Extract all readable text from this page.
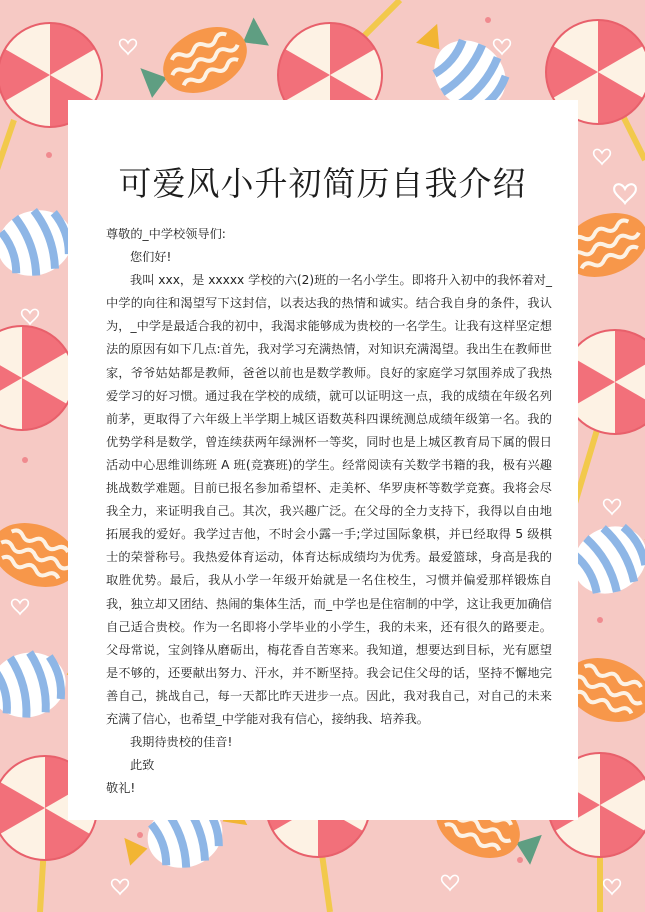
可爱风小升初简历自我介绍

尊敬的_中学校领导们:

您们好!

我叫 xxx，是 xxxxx 学校的六(2)班的一名小学生。即将升入初中的我怀着对_中学的向往和渴望写下这封信，以表达我的热情和诚实。结合我自身的条件，我认为，_中学是最适合我的初中，我渴求能够成为贵校的一名学生。让我有这样坚定想法的原因有如下几点:首先，我对学习充满热情，对知识充满渴望。我出生在教师世家，爷爷姑姑都是教师，爸爸以前也是数学教师。良好的家庭学习氛围养成了我热爱学习的好习惯。通过我在学校的成绩，就可以证明这一点，我的成绩在年级名列前茅，更取得了六年级上半学期上城区语数英科四课统测总成绩年级第一名。我的优势学科是数学，曾连续获两年绿洲杯一等奖，同时也是上城区教育局下属的假日活动中心思维训练班 A 班(竞赛班)的学生。经常阅读有关数学书籍的我，极有兴趣挑战数学难题。目前已报名参加希望杯、走美杯、华罗庚杯等数学竞赛。我将会尽我全力，来证明我自己。其次，我兴趣广泛。在父母的全力支持下，我得以自由地拓展我的爱好。我学过吉他，不时会小露一手;学过国际象棋，并已经取得 5 级棋士的荣誉称号。我热爱体育运动，体育达标成绩均为优秀。最爱篮球，身高是我的取胜优势。最后，我从小学一年级开始就是一名住校生，习惯并偏爱那样锻炼自我，独立却又团结、热闹的集体生活，而_中学也是住宿制的中学，这让我更加确信自己适合贵校。作为一名即将小学毕业的小学生，我的未来，还有很久的路要走。父母常说，宝剑锋从磨砺出，梅花香自苦寒来。我知道，想要达到目标，光有愿望是不够的，还要献出努力、汗水，并不断坚持。我会记住父母的话，坚持不懈地完善自己，挑战自己，每一天都比昨天进步一点。因此，我对我自己，对自己的未来充满了信心，也希望_中学能对我有信心，接纳我、培养我。

我期待贵校的佳音!

此致

敬礼!
